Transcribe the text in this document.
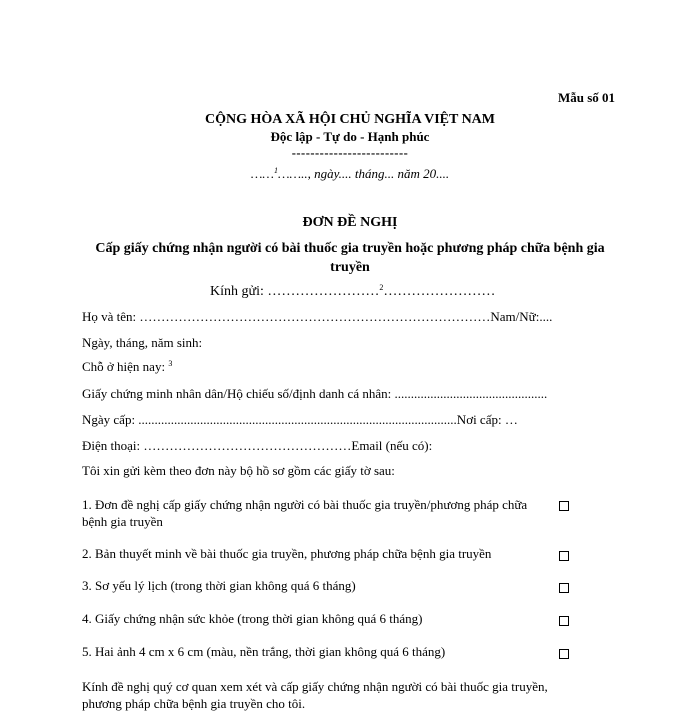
Mẫu số 01
CỘNG HÒA XÃ HỘI CHỦ NGHĨA VIỆT NAM
Độc lập - Tự do - Hạnh phúc
-------------------------
……$^1$…….., ngày.... tháng... năm 20....
ĐƠN ĐỀ NGHỊ
Cấp giấy chứng nhận người có bài thuốc gia truyền hoặc phương pháp chữa bệnh gia truyền
Kính gửi: ……………………$^2$……………………
Họ và tên: ………………………………………………………………………Nam/Nữ:....
Ngày, tháng, năm sinh:
Chỗ ở hiện nay: $^3$
Giấy chứng minh nhân dân/Hộ chiếu số/định danh cá nhân: ...............................................
Ngày cấp: ..................................................................................................Nơi cấp: …
Điện thoại: …………………………………………Email (nếu có):
Tôi xin gửi kèm theo đơn này bộ hồ sơ gồm các giấy tờ sau:
1. Đơn đề nghị cấp giấy chứng nhận người có bài thuốc gia truyền/phương pháp chữa bệnh gia truyền
2. Bản thuyết minh về bài thuốc gia truyền, phương pháp chữa bệnh gia truyền
3. Sơ yếu lý lịch (trong thời gian không quá 6 tháng)
4. Giấy chứng nhận sức khỏe (trong thời gian không quá 6 tháng)
5. Hai ảnh 4 cm x 6 cm (màu, nền trắng, thời gian không quá 6 tháng)
Kính đề nghị quý cơ quan xem xét và cấp giấy chứng nhận người có bài thuốc gia truyền, phương pháp chữa bệnh gia truyền cho tôi.
